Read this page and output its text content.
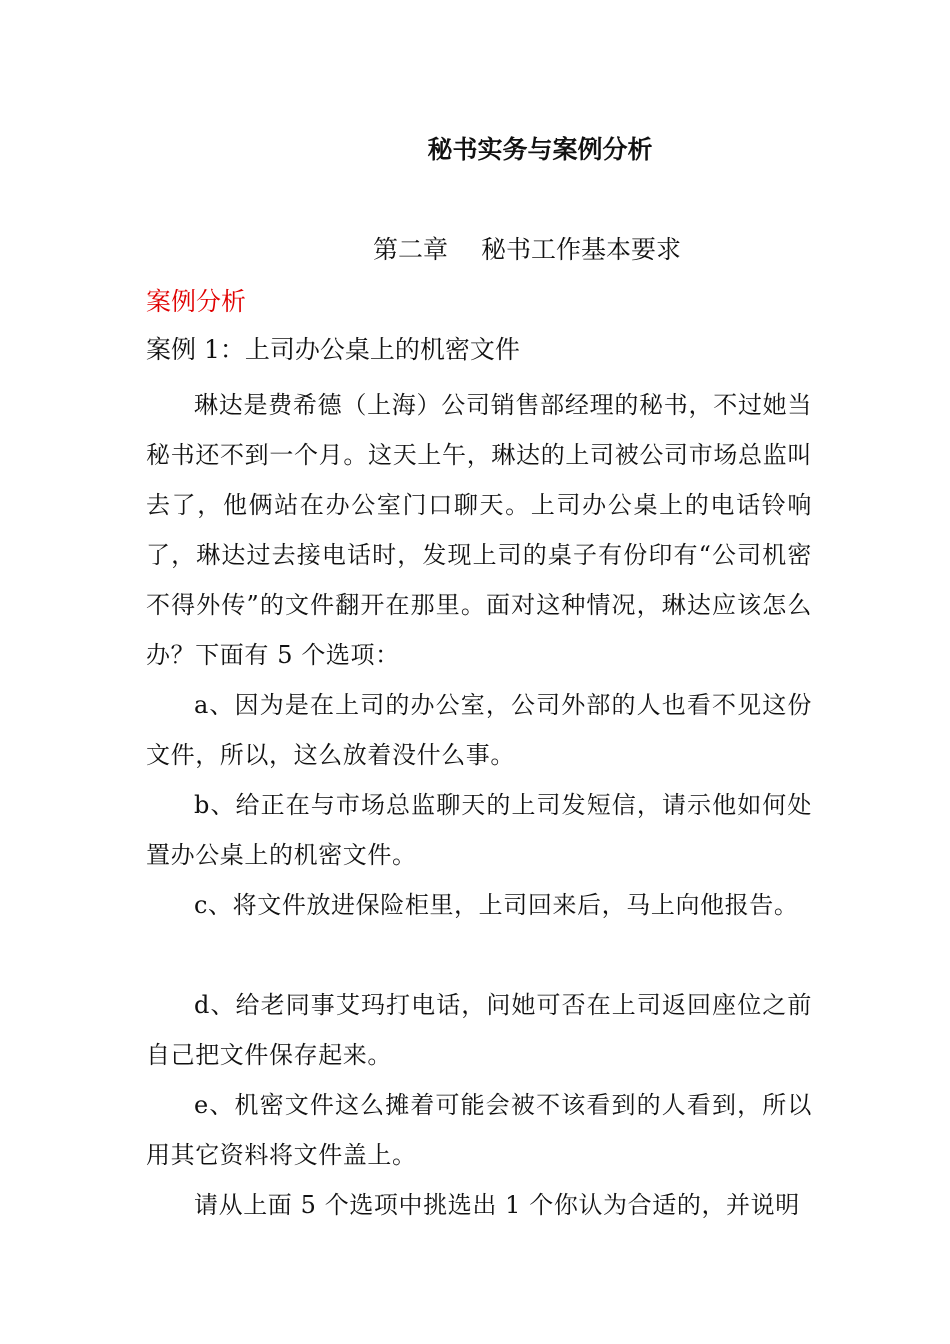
秘书实务与案例分析
第二章　 秘书工作基本要求
案例分析
案例 1：上司办公桌上的机密文件

琳达是费希德（上海）公司销售部经理的秘书，不过她当秘书还不到一个月。这天上午，琳达的上司被公司市场总监叫去了，他俩站在办公室门口聊天。上司办公桌上的电话铃响了，琳达过去接电话时，发现上司的桌子有份印有“公司机密 不得外传”的文件翻开在那里。面对这种情况，琳达应该怎么办？下面有 5 个选项：

a、因为是在上司的办公室，公司外部的人也看不见这份文件，所以，这么放着没什么事。

b、给正在与市场总监聊天的上司发短信，请示他如何处置办公桌上的机密文件。

c、将文件放进保险柜里，上司回来后，马上向他报告。

d、给老同事艾玛打电话，问她可否在上司返回座位之前自己把文件保存起来。

e、机密文件这么摊着可能会被不该看到的人看到，所以用其它资料将文件盖上。

请从上面 5 个选项中挑选出 1 个你认为合适的，并说明
